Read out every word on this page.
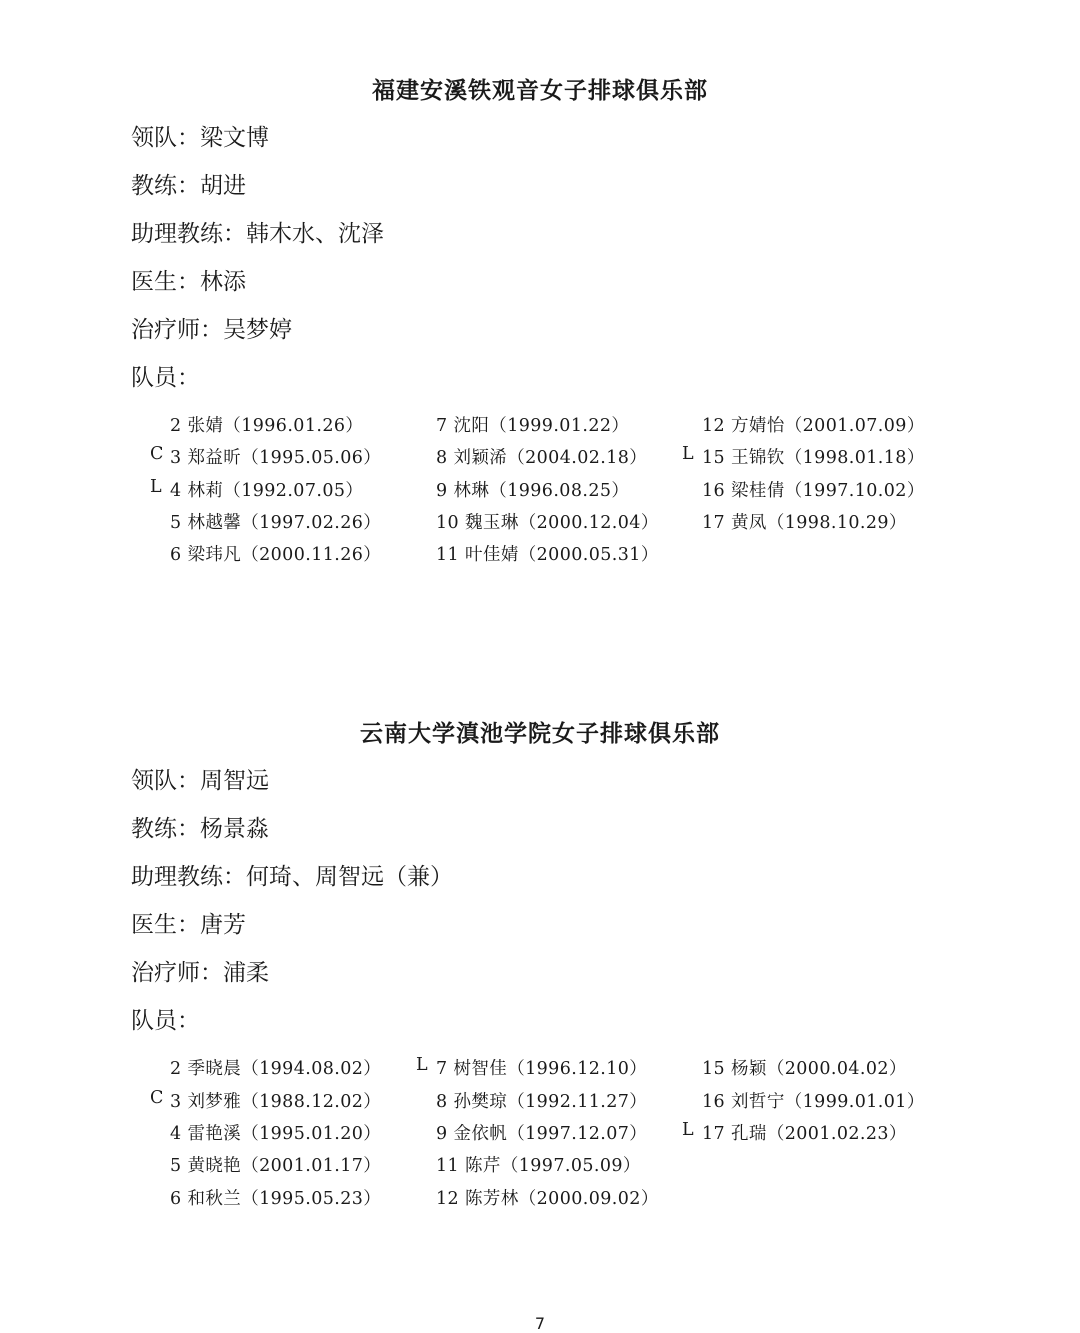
福建安溪铁观音女子排球俱乐部
领队：梁文博
教练：胡进
助理教练：韩木水、沈泽
医生：林添
治疗师：吴梦婷
队员：
2 张婧（1996.01.26）
C 3 郑益昕（1995.05.06）
L 4 林莉（1992.07.05）
5 林越馨（1997.02.26）
6 梁玮凡（2000.11.26）
7 沈阳（1999.01.22）
8 刘颖浠（2004.02.18）
9 林琳（1996.08.25）
10 魏玉琳（2000.12.04）
11 叶佳婧（2000.05.31）
12 方婧怡（2001.07.09）
L 15 王锦钦（1998.01.18）
16 梁桂倩（1997.10.02）
17 黄凤（1998.10.29）
云南大学滇池学院女子排球俱乐部
领队：周智远
教练：杨景淼
助理教练：何琦、周智远（兼）
医生：唐芳
治疗师：浦柔
队员：
2 季晓晨（1994.08.02）
C 3 刘梦雅（1988.12.02）
4 雷艳溪（1995.01.20）
5 黄晓艳（2001.01.17）
6 和秋兰（1995.05.23）
L 7 树智佳（1996.12.10）
8 孙樊琼（1992.11.27）
9 金依帆（1997.12.07）
11 陈芹（1997.05.09）
12 陈芳林（2000.09.02）
15 杨颖（2000.04.02）
16 刘哲宁（1999.01.01）
L 17 孔瑞（2001.02.23）
7
